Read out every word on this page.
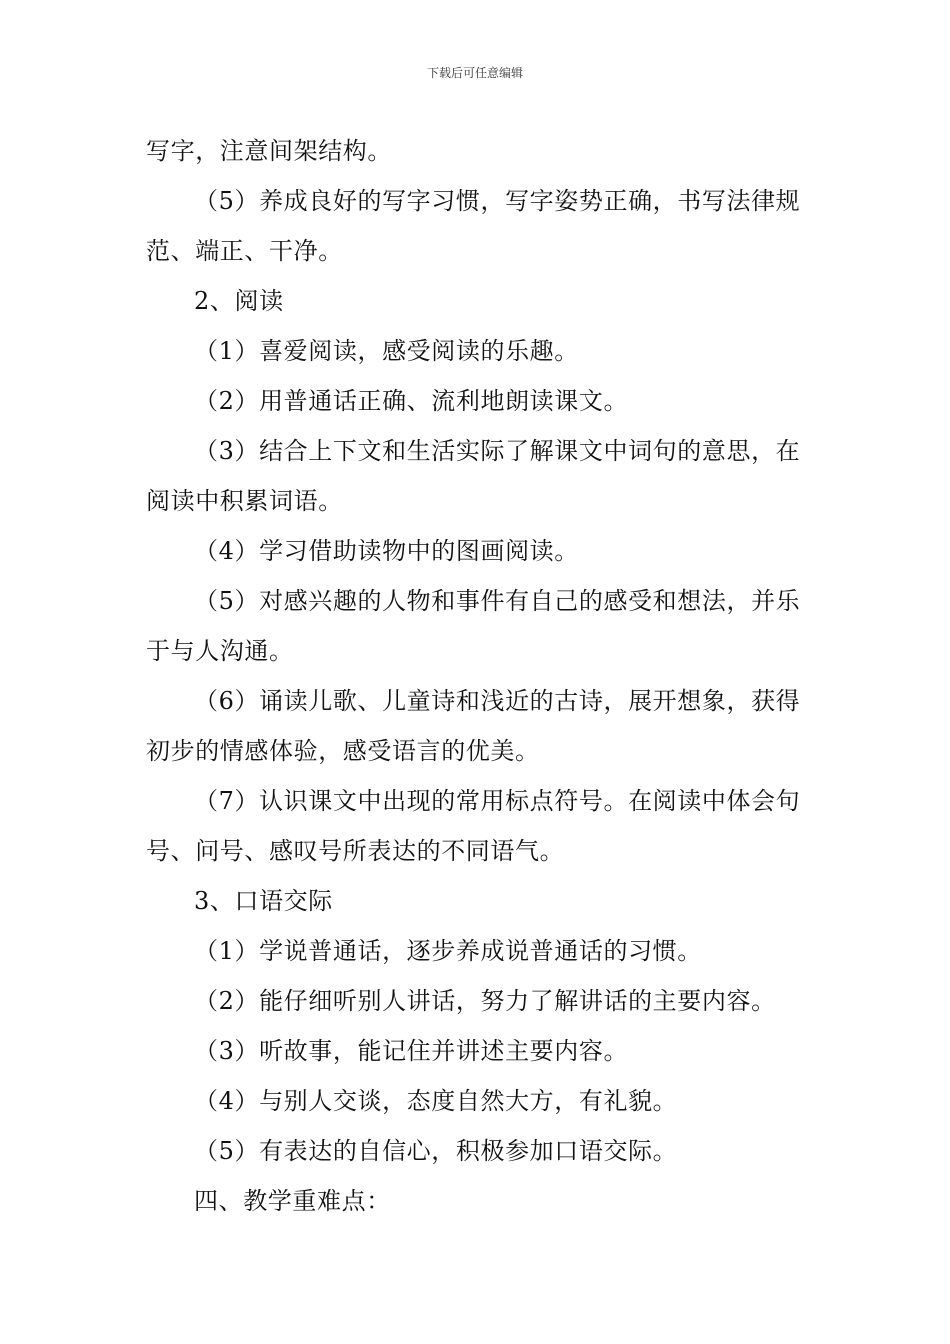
下载后可任意编辑

写字，注意间架结构。

（5）养成良好的写字习惯，写字姿势正确，书写法律规范、端正、干净。

2、阅读

（1）喜爱阅读，感受阅读的乐趣。

（2）用普通话正确、流利地朗读课文。

（3）结合上下文和生活实际了解课文中词句的意思，在阅读中积累词语。

（4）学习借助读物中的图画阅读。

（5）对感兴趣的人物和事件有自己的感受和想法，并乐于与人沟通。

（6）诵读儿歌、儿童诗和浅近的古诗，展开想象，获得初步的情感体验，感受语言的优美。

（7）认识课文中出现的常用标点符号。在阅读中体会句号、问号、感叹号所表达的不同语气。

3、口语交际

（1）学说普通话，逐步养成说普通话的习惯。

（2）能仔细听别人讲话，努力了解讲话的主要内容。

（3）听故事，能记住并讲述主要内容。

（4）与别人交谈，态度自然大方，有礼貌。

（5）有表达的自信心，积极参加口语交际。

四、教学重难点：
